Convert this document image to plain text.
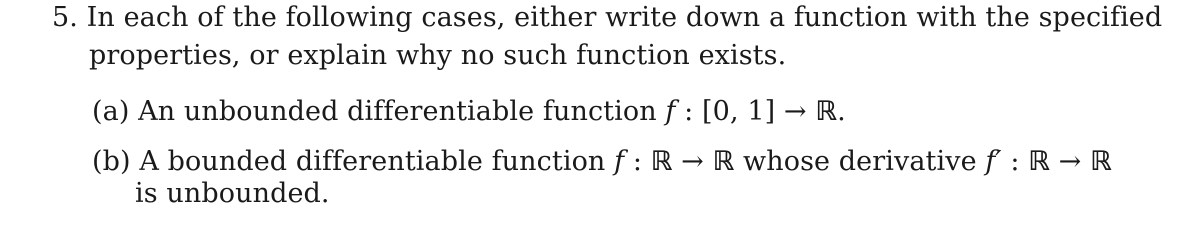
5. In each of the following cases, either write down a function with the specified
properties, or explain why no such function exists.
(a) An unbounded differentiable function f : [0, 1] → ℝ.
(b) A bounded differentiable function f : ℝ → ℝ whose derivative f′ : ℝ → ℝ
is unbounded.
